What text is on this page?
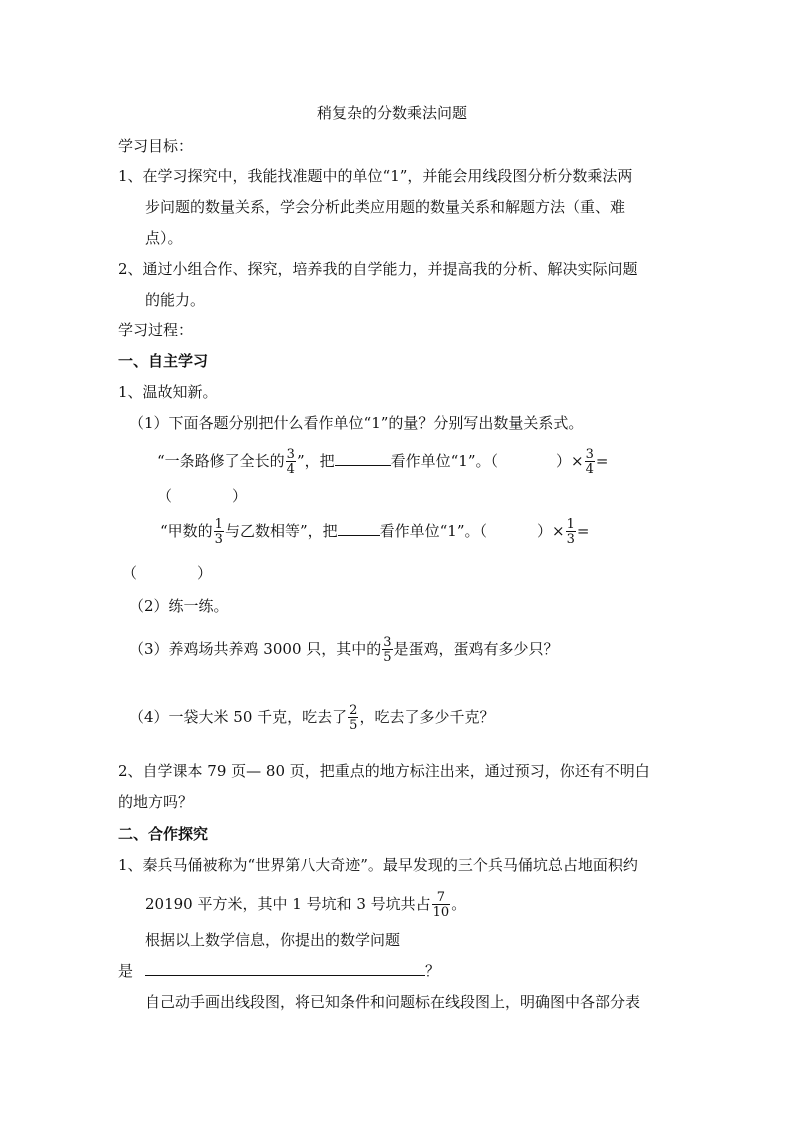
稍复杂的分数乘法问题
学习目标：
1、在学习探究中，我能找准题中的单位“1”，并能会用线段图分析分数乘法两
步问题的数量关系，学会分析此类应用题的数量关系和解题方法（重、难
点）。
2、通过小组合作、探究，培养我的自学能力，并提高我的分析、解决实际问题
的能力。
学习过程：
一、自主学习
1、温故知新。
（1）下面各题分别把什么看作单位“1”的量？分别写出数量关系式。
“一条路修了全长的 $\frac{3}{4}$ ”，把	看作单位“1”。（	）× $\frac{3}{4}$ =
（　　　　）
“甲数的 $\frac{1}{3}$ 与乙数相等”，把	看作单位“1”。（	）× $\frac{1}{3}$ =
（　　　　）
（2）练一练。
（3）养鸡场共养鸡 3000 只，其中的 $\frac{3}{5}$ 是蛋鸡，蛋鸡有多少只？
（4）一袋大米 50 千克，吃去了 $\frac{2}{5}$ ，吃去了多少千克？
2、自学课本 79 页— 80 页，把重点的地方标注出来，通过预习，你还有不明白
的地方吗？
二、合作探究
1、秦兵马俑被称为“世界第八大奇迹”。最早发现的三个兵马俑坑总占地面积约
20190 平方米，其中 1 号坑和 3 号坑共占 $\frac{7}{10}$ 。
根据以上数学信息，你提出的数学问题
是	？
自己动手画出线段图，将已知条件和问题标在线段图上，明确图中各部分表
